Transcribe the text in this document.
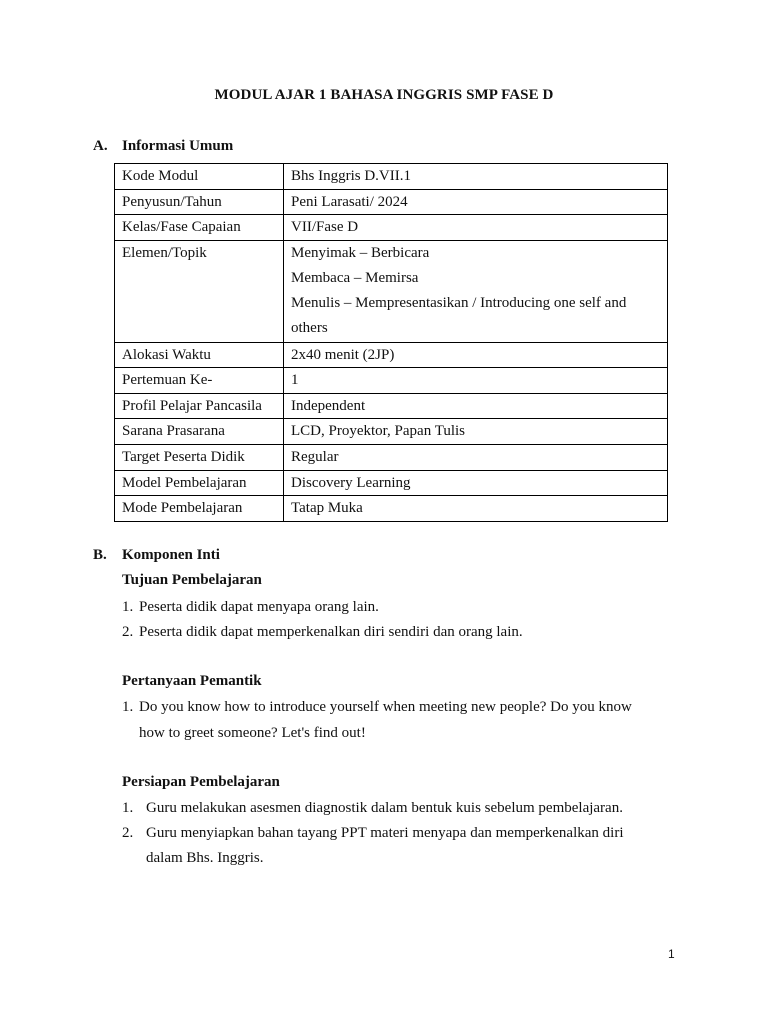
MODUL AJAR 1 BAHASA INGGRIS SMP FASE D
A. Informasi Umum
Kode Modul	Bhs Inggris D.VII.1
Penyusun/Tahun	Peni Larasati/ 2024
Kelas/Fase Capaian	VII/Fase D
Elemen/Topik	Menyimak – Berbicara
Membaca – Memirsa
Menulis – Mempresentasikan / Introducing one self and
others

Alokasi Waktu	2x40 menit (2JP)
Pertemuan Ke-	1
Profil Pelajar Pancasila	Independent
Sarana Prasarana	LCD, Proyektor, Papan Tulis
Target Peserta Didik	Regular
Model Pembelajaran	Discovery Learning
Mode Pembelajaran	Tatap Muka
B. Komponen Inti
Tujuan Pembelajaran
1. Peserta didik dapat menyapa orang lain.
2. Peserta didik dapat memperkenalkan diri sendiri dan orang lain.
Pertanyaan Pemantik
1. Do you know how to introduce yourself when meeting new people? Do you know
how to greet someone? Let's find out!
Persiapan Pembelajaran
1. Guru melakukan asesmen diagnostik dalam bentuk kuis sebelum pembelajaran.
2. Guru menyiapkan bahan tayang PPT materi menyapa dan memperkenalkan diri
dalam Bhs. Inggris.
1
